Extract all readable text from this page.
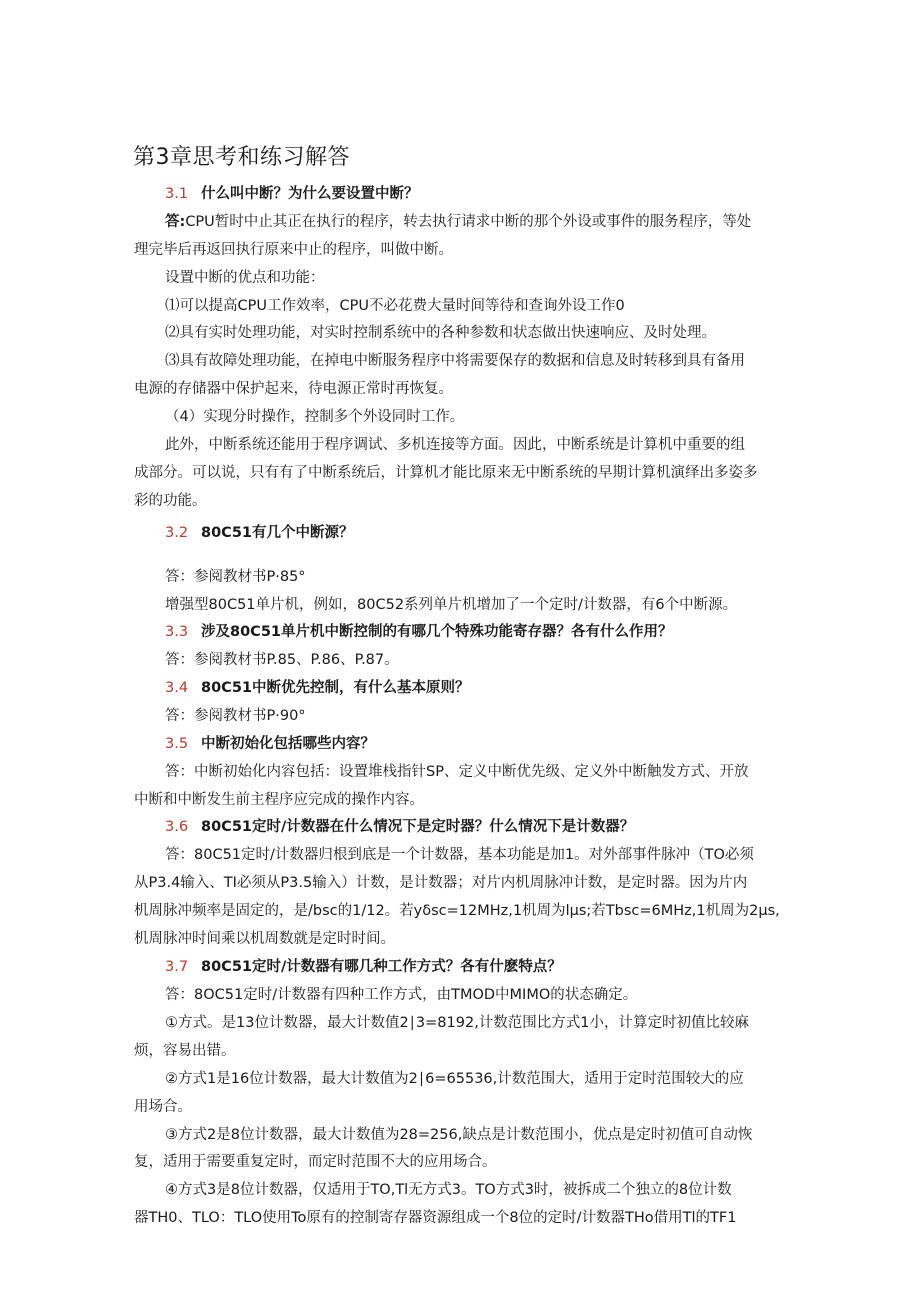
第3章思考和练习解答
3.1 什么叫中断？为什么要设置中断？
答:CPU暂时中止其正在执行的程序，转去执行请求中断的那个外设或事件的服务程序，等处
理完毕后再返回执行原来中止的程序，叫做中断。
设置中断的优点和功能：
⑴可以提高CPU工作效率，CPU不必花费大量时间等待和查询外设工作0
⑵具有实时处理功能，对实时控制系统中的各种参数和状态做出快速响应、及时处理。
⑶具有故障处理功能，在掉电中断服务程序中将需要保存的数据和信息及时转移到具有备用
电源的存储器中保护起来，待电源正常时再恢复。
（4）实现分时操作，控制多个外设同时工作。
此外，中断系统还能用于程序调试、多机连接等方面。因此，中断系统是计算机中重要的组
成部分。可以说，只有有了中断系统后，计算机才能比原来无中断系统的早期计算机演绎出多姿多
彩的功能。
3.2 80C51有几个中断源？
答：参阅教材书P·85°
增强型80C51单片机，例如，80C52系列单片机增加了一个定时/计数器，有6个中断源。
3.3 涉及80C51单片机中断控制的有哪几个特殊功能寄存器？各有什么作用？
答：参阅教材书P.85、P.86、P.87。
3.4 80C51中断优先控制，有什么基本原则？
答：参阅教材书P·90°
3.5 中断初始化包括哪些内容？
答：中断初始化内容包括：设置堆栈指针SP、定义中断优先级、定义外中断触发方式、开放
中断和中断发生前主程序应完成的操作内容。
3.6 80C51定时/计数器在什么情况下是定时器？什么情况下是计数器？
答：80C51定时/计数器归根到底是一个计数器，基本功能是加1。对外部事件脉冲（TO必须
从P3.4输入、TI必须从P3.5输入）计数，是计数器；对片内机周脉冲计数，是定时器。因为片内
机周脉冲频率是固定的，是∕bsc的1/12。若yδsc=12MHz,1机周为lμs;若Tbsc=6MHz,1机周为2μs,
机周脉冲时间乘以机周数就是定时时间。
3.7 80C51定时/计数器有哪几种工作方式？各有什麽特点？
答：8OC51定时/计数器有四种工作方式，由TMOD中MIMO的状态确定。
①方式。是13位计数器，最大计数值2∣3=8192,计数范围比方式1小，计算定时初值比较麻
烦，容易出错。
②方式1是16位计数器，最大计数值为2∣6=65536,计数范围大，适用于定时范围较大的应
用场合。
③方式2是8位计数器，最大计数值为28=256,缺点是计数范围小，优点是定时初值可自动恢
复，适用于需要重复定时，而定时范围不大的应用场合。
④方式3是8位计数器，仅适用于TO,Tl无方式3。TO方式3时，被拆成二个独立的8位计数
器TH0、TLO：TLO使用To原有的控制寄存器资源组成一个8位的定时/计数器THo借用Tl的TF1
